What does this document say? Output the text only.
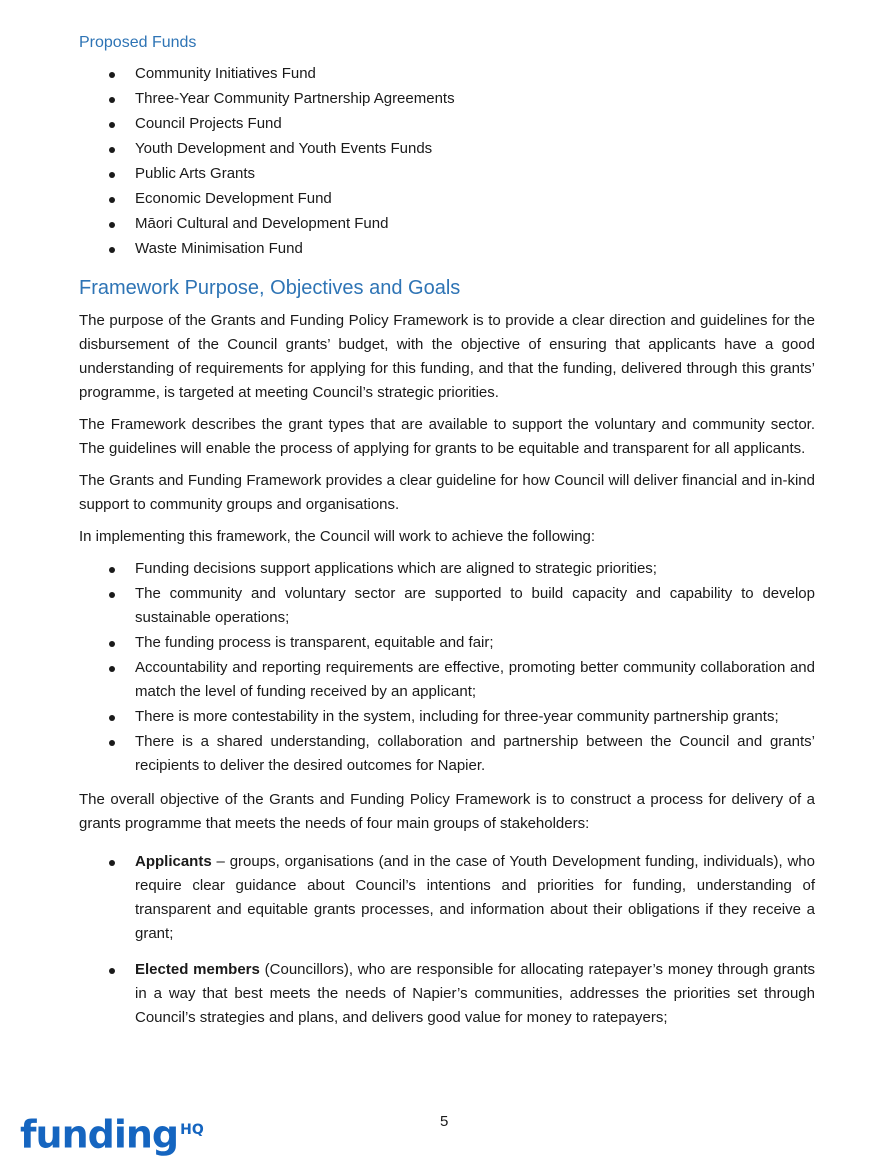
Proposed Funds
Community Initiatives Fund
Three-Year Community Partnership Agreements
Council Projects Fund
Youth Development and Youth Events Funds
Public Arts Grants
Economic Development Fund
Māori Cultural and Development Fund
Waste Minimisation Fund
Framework Purpose, Objectives and Goals

The purpose of the Grants and Funding Policy Framework is to provide a clear direction and guidelines for the disbursement of the Council grants’ budget, with the objective of ensuring that applicants have a good understanding of requirements for applying for this funding, and that the funding, delivered through this grants’ programme, is targeted at meeting Council’s strategic priorities.

The Framework describes the grant types that are available to support the voluntary and community sector. The guidelines will enable the process of applying for grants to be equitable and transparent for all applicants.

The Grants and Funding Framework provides a clear guideline for how Council will deliver financial and in-kind support to community groups and organisations.

In implementing this framework, the Council will work to achieve the following:

Funding decisions support applications which are aligned to strategic priorities;
The community and voluntary sector are supported to build capacity and capability to develop sustainable operations;
The funding process is transparent, equitable and fair;
Accountability and reporting requirements are effective, promoting better community collaboration and match the level of funding received by an applicant;
There is more contestability in the system, including for three-year community partnership grants;
There is a shared understanding, collaboration and partnership between the Council and grants’ recipients to deliver the desired outcomes for Napier.

The overall objective of the Grants and Funding Policy Framework is to construct a process for delivery of a grants programme that meets the needs of four main groups of stakeholders:

Applicants – groups, organisations (and in the case of Youth Development funding, individuals), who require clear guidance about Council’s intentions and priorities for funding, understanding of transparent and equitable grants processes, and information about their obligations if they receive a grant;
Elected members (Councillors), who are responsible for allocating ratepayer’s money through grants in a way that best meets the needs of Napier’s communities, addresses the priorities set through Council’s strategies and plans, and delivers good value for money to ratepayers;
funding $^{HQ}$	5
